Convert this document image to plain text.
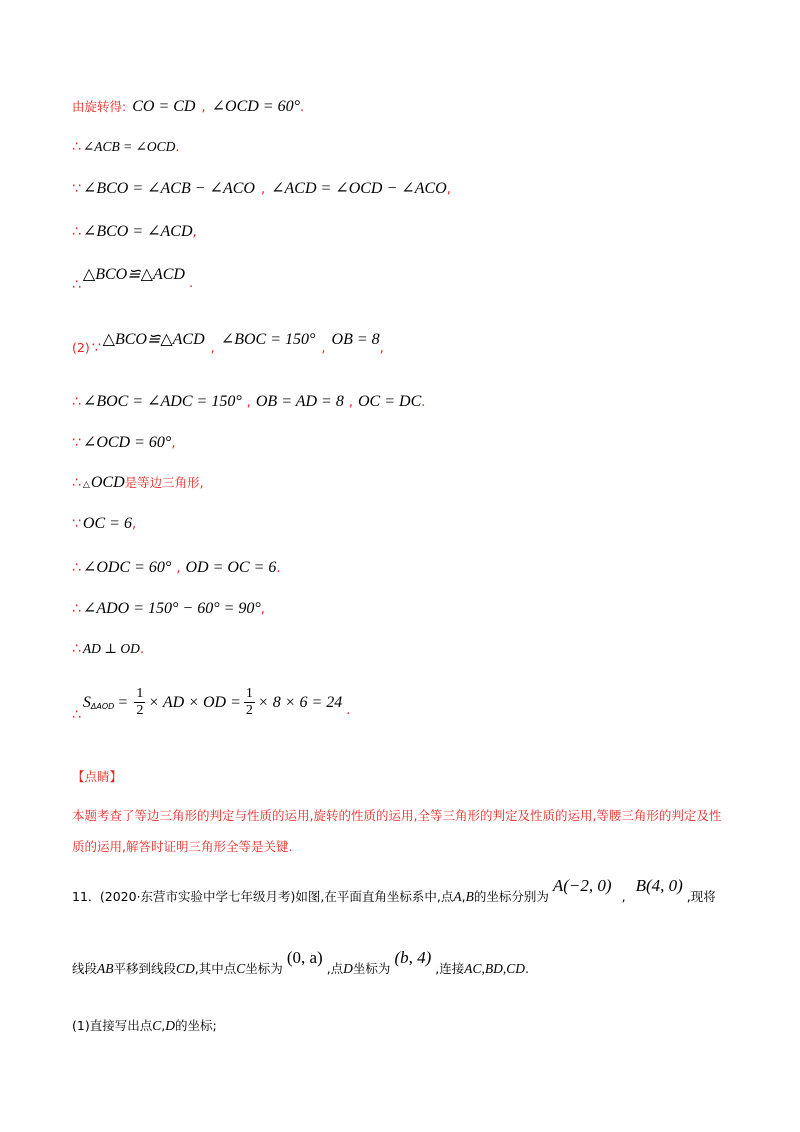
由旋转得: CO = CD , ∠OCD = 60° .
∴ ∠ACB = ∠OCD .
∵ ∠BCO = ∠ACB − ∠ACO , ∠ACD = ∠OCD − ∠ACO ,
∴ ∠BCO = ∠ACD ,
∴
△BCO≌△ACD
.
(2) ∵ △BCO≌△ACD
,
∠BOC = 150°
,
OB = 8
,
∴ ∠BOC = ∠ADC = 150° , OB = AD = 8 , OC = DC .
∵ ∠OCD = 60° ,
∴ △ OCD 是等边三角形,
∵ OC = 6 ,
∴ ∠ODC = 60° , OD = OC = 6 .
∴ ∠ADO = 150° − 60° = 90° ,
∴ AD ⊥ OD .
∴
S $\Delta AOD = \frac{1}{2}$ × AD × OD = $\frac{1}{2} \times 8 \times 6 = 24$ .
【点睛】
本题考查了等边三角形的判定与性质的运用,旋转的性质的运用,全等三角形的判定及性质的运用,等腰三角形的判定及性质的运用,解答时证明三角形全等是关键.
11. (2020·东营市实验中学七年级月考)如图,在平面直角坐标系中,点 A , B 的坐标分别为
A(−2, 0)
,
B(4, 0)
,现将
线段 AB 平移到线段 CD ,其中点 C 坐标为
(0, a)
,点 D 坐标为
(b, 4)
,连接 AC,BD,CD .
(1)直接写出点 C , D 的坐标;
